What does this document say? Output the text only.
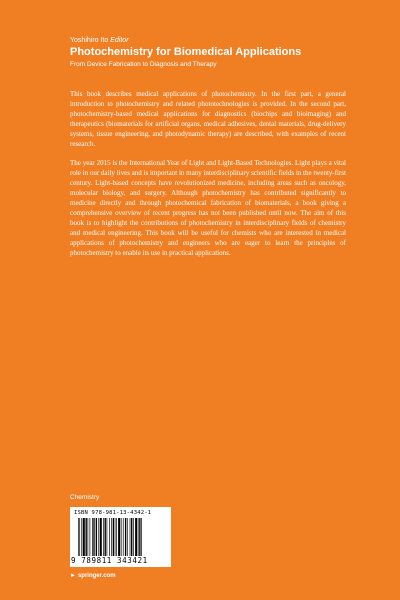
Yoshihiro Ito Editor
Photochemistry for Biomedical Applications
From Device Fabrication to Diagnosis and Therapy

This book describes medical applications of photochemistry. In the first part, a general introduction to photochemistry and related phototechnologies is provided. In the second part, photochemistry-based medical applications for diagnostics (biochips and bioimaging) and therapeutics (biomaterials for artificial organs, medical adhesives, dental materials, drug-delivery systems, tissue engineering, and photodynamic therapy) are described, with examples of recent research.

The year 2015 is the International Year of Light and Light-Based Technologies. Light plays a vital role in our daily lives and is important in many interdisciplinary scientific fields in the twenty-first century. Light-based concepts have revolutionized medicine, including areas such as oncology, molecular biology, and surgery. Although photochemistry has contributed significantly to medicine directly and through photochemical fabrication of biomaterials, a book giving a comprehensive overview of recent progress has not been published until now. The aim of this book is to highlight the contributions of photochemistry in interdisciplinary fields of chemistry and medical engineering. This book will be useful for chemists who are interested in medical applications of photochemistry and engineers who are eager to learn the principles of photochemistry to enable its use in practical applications.

Chemistry
ISBN 978-981-13-4342-1
9 789811 343421
► springer.com
